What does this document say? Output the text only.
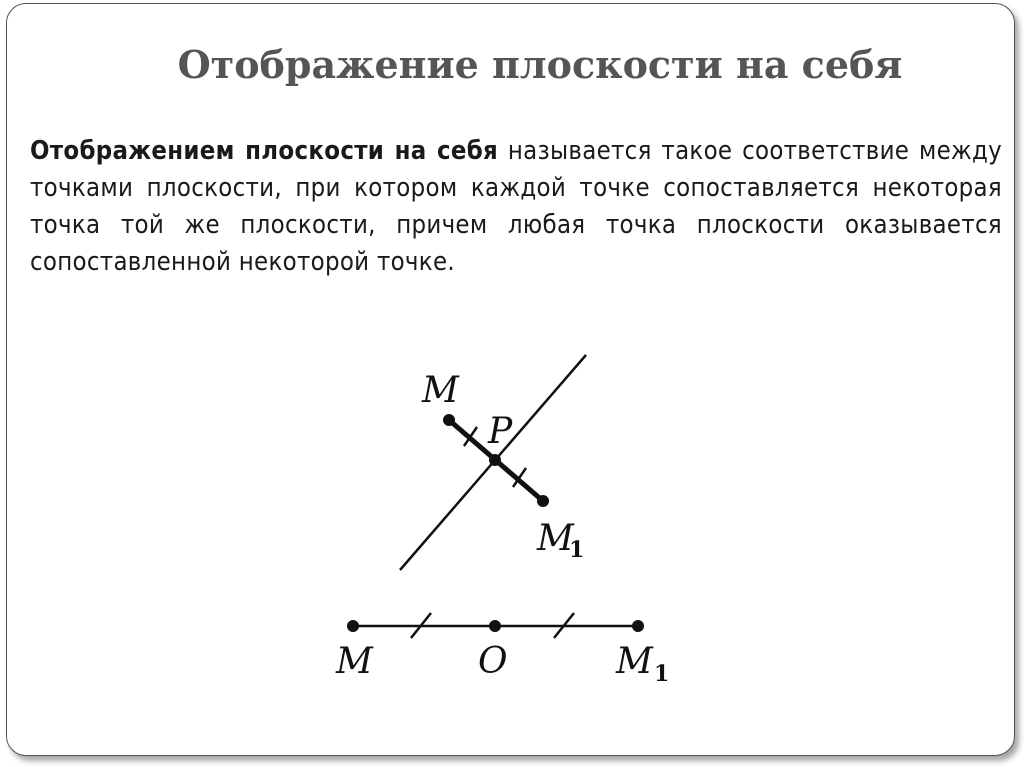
Отображение плоскости на себя
Отображением плоскости на себя называется такое соответствие между точками плоскости, при котором каждой точке сопоставляется некоторая точка той же плоскости, причем любая точка плоскости оказывается сопоставленной некоторой точке.
M
P
M
1
M	O	M 1
